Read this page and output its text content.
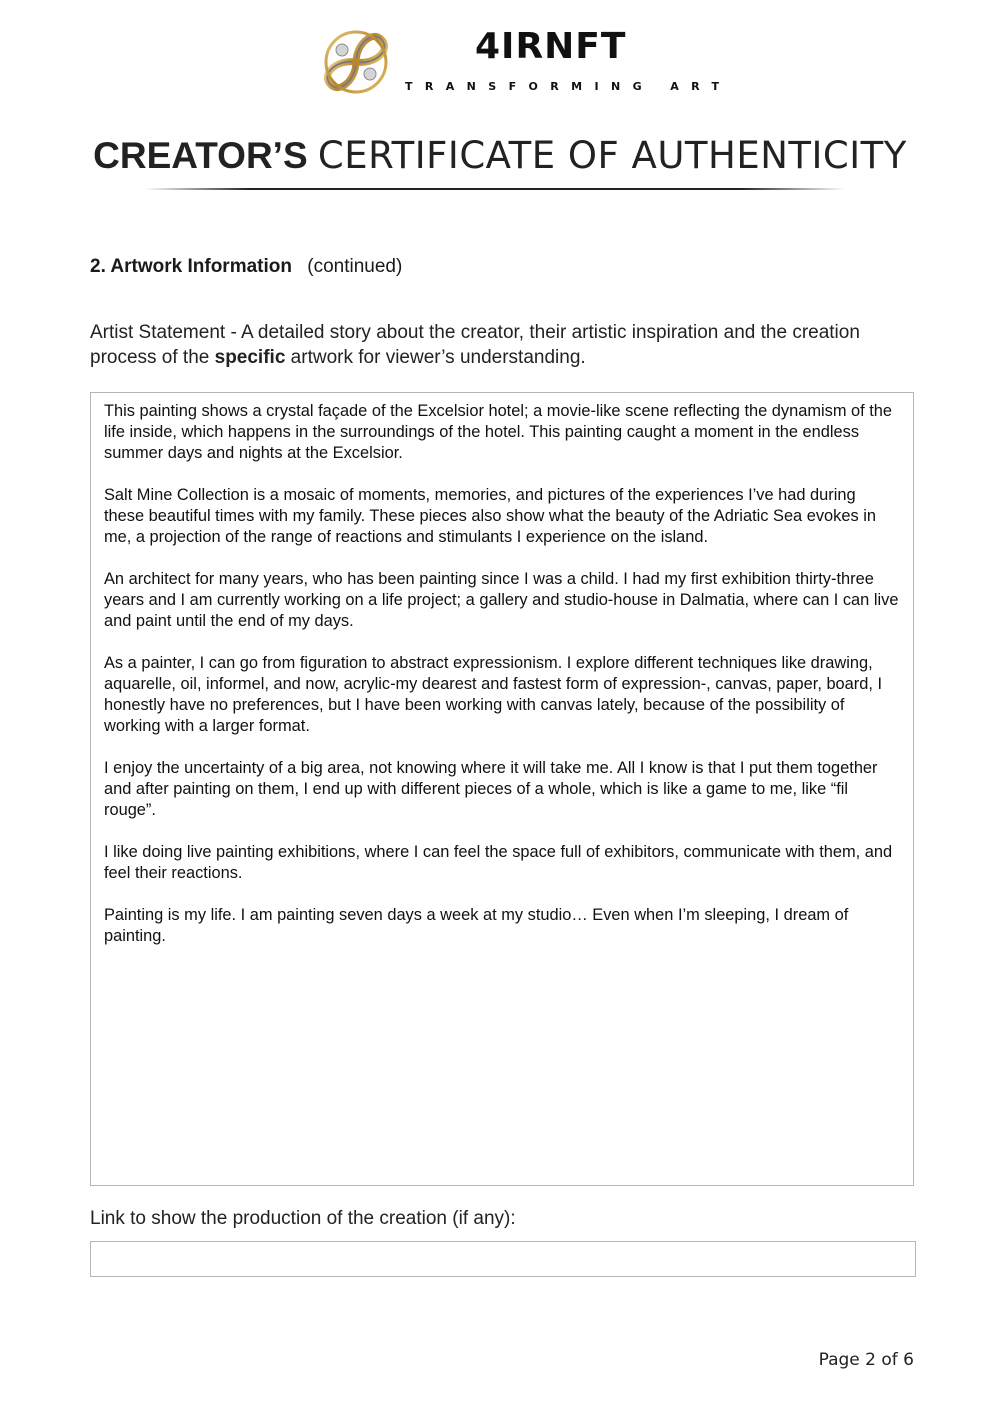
4IRNFT
TRANSFORMING ART
CREATOR’S CERTIFICATE OF AUTHENTICITY
2. Artwork Information (continued)
Artist Statement - A detailed story about the creator, their artistic inspiration and the creation process of the specific artwork for viewer’s understanding.

This painting shows a crystal façade of the Excelsior hotel; a movie-like scene reflecting the dynamism of the life inside, which happens in the surroundings of the hotel. This painting caught a moment in the endless summer days and nights at the Excelsior.

Salt Mine Collection is a mosaic of moments, memories, and pictures of the experiences I’ve had during these beautiful times with my family. These pieces also show what the beauty of the Adriatic Sea evokes in me, a projection of the range of reactions and stimulants I experience on the island.

An architect for many years, who has been painting since I was a child. I had my first exhibition thirty-three years and I am currently working on a life project; a gallery and studio-house in Dalmatia, where can I can live and paint until the end of my days.

As a painter, I can go from figuration to abstract expressionism. I explore different techniques like drawing, aquarelle, oil, informel, and now, acrylic-my dearest and fastest form of expression-, canvas, paper, board, I honestly have no preferences, but I have been working with canvas lately, because of the possibility of working with a larger format.

I enjoy the uncertainty of a big area, not knowing where it will take me. All I know is that I put them together and after painting on them, I end up with different pieces of a whole, which is like a game to me, like “fil rouge”.

I like doing live painting exhibitions, where I can feel the space full of exhibitors, communicate with them, and feel their reactions.

Painting is my life. I am painting seven days a week at my studio… Even when I’m sleeping, I dream of painting.

Link to show the production of the creation (if any):
Page 2 of 6
